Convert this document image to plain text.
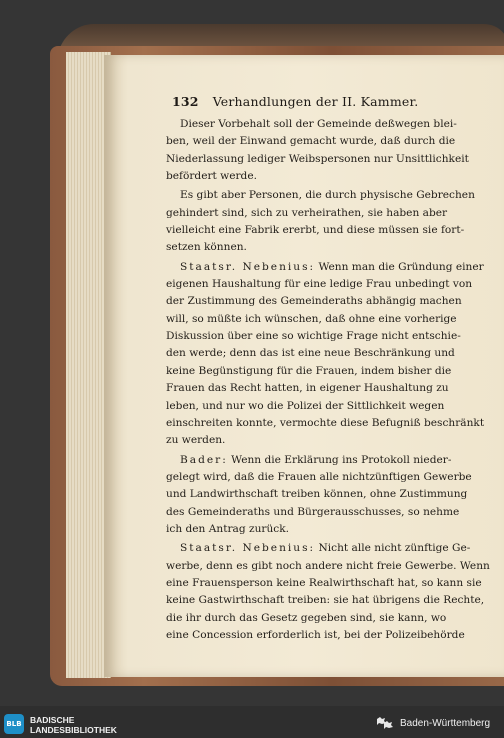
132 Verhandlungen der II. Kammer.

Dieser Vorbehalt soll der Gemeinde deßwegen blei-
ben, weil der Einwand gemacht wurde, daß durch die
Niederlassung lediger Weibspersonen nur Unsittlichkeit
befördert werde.

Es gibt aber Personen, die durch physische Gebrechen
gehindert sind, sich zu verheirathen, sie haben aber
vielleicht eine Fabrik ererbt, und diese müssen sie fort-
setzen können.

Staatsr. Nebenius: Wenn man die Gründung einer
eigenen Haushaltung für eine ledige Frau unbedingt von
der Zustimmung des Gemeinderaths abhängig machen
will, so müßte ich wünschen, daß ohne eine vorherige
Diskussion über eine so wichtige Frage nicht entschie-
den werde; denn das ist eine neue Beschränkung und
keine Begünstigung für die Frauen, indem bisher die
Frauen das Recht hatten, in eigener Haushaltung zu
leben, und nur wo die Polizei der Sittlichkeit wegen
einschreiten konnte, vermochte diese Befugniß beschränkt
zu werden.

Bader: Wenn die Erklärung ins Protokoll nieder-
gelegt wird, daß die Frauen alle nichtzünftigen Gewerbe
und Landwirthschaft treiben können, ohne Zustimmung
des Gemeinderaths und Bürgerausschusses, so nehme
ich den Antrag zurück.

Staatsr. Nebenius: Nicht alle nicht zünftige Ge-
werbe, denn es gibt noch andere nicht freie Gewerbe. Wenn
eine Frauensperson keine Realwirthschaft hat, so kann sie
keine Gastwirthschaft treiben: sie hat übrigens die Rechte,
die ihr durch das Gesetz gegeben sind, sie kann, wo
eine Concession erforderlich ist, bei der Polizeibehörde

BLB BADISCHE
LANDESBIBLIOTHEK
Baden-Württemberg
